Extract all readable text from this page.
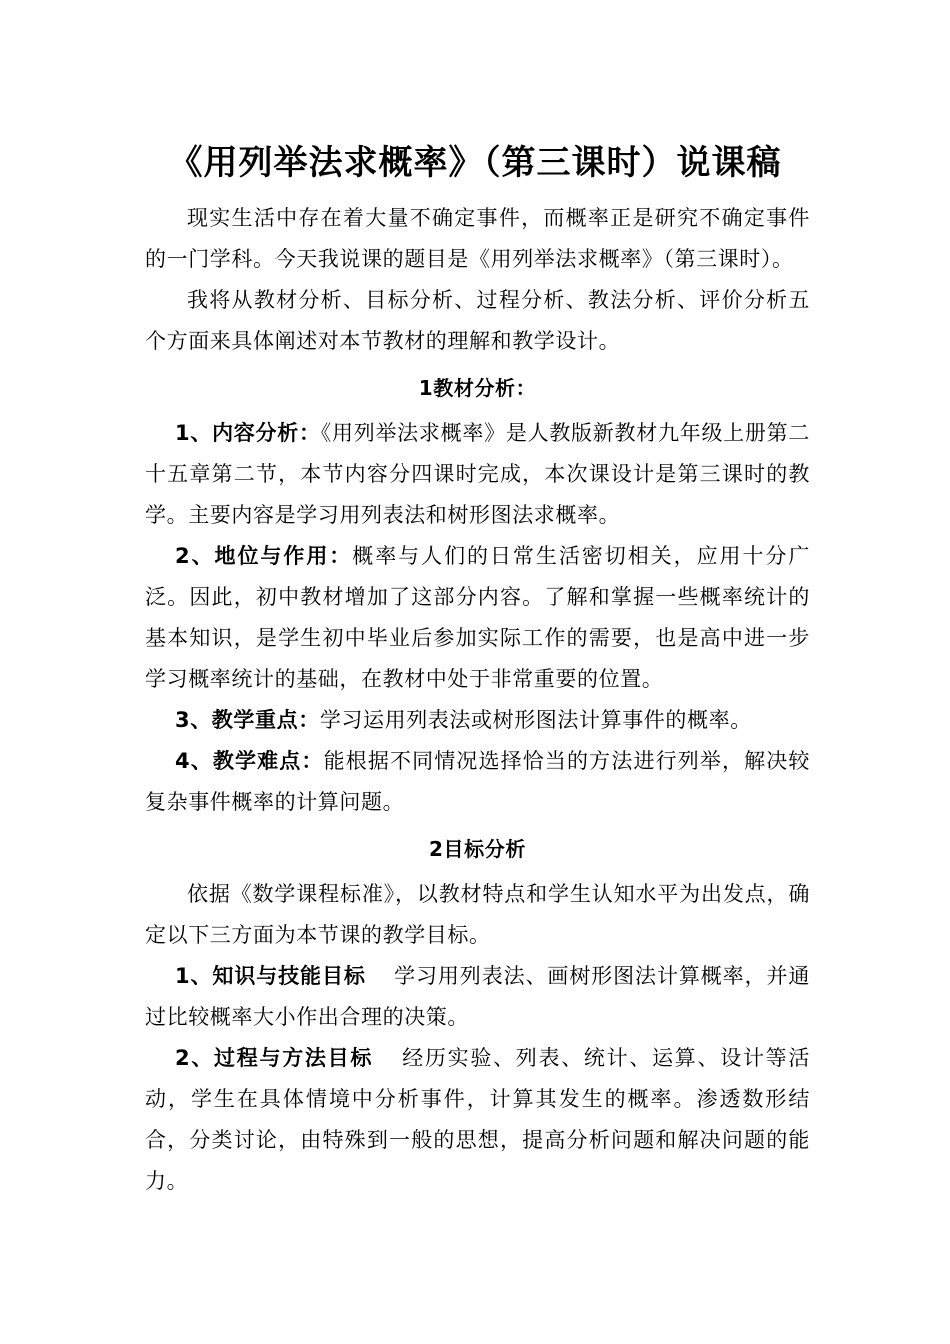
《用列举法求概率》（第三课时）说课稿

现实生活中存在着大量不确定事件，而概率正是研究不确定事件的一门学科。今天我说课的题目是《用列举法求概率》（第三课时）。

我将从教材分析、目标分析、过程分析、教法分析、评价分析五个方面来具体阐述对本节教材的理解和教学设计。

1教材分析：

1、内容分析：《用列举法求概率》是人教版新教材九年级上册第二十五章第二节，本节内容分四课时完成，本次课设计是第三课时的教学。主要内容是学习用列表法和树形图法求概率。

2、地位与作用：概率与人们的日常生活密切相关，应用十分广泛。因此，初中教材增加了这部分内容。了解和掌握一些概率统计的基本知识，是学生初中毕业后参加实际工作的需要，也是高中进一步学习概率统计的基础，在教材中处于非常重要的位置。

3、教学重点：学习运用列表法或树形图法计算事件的概率。

4、教学难点：能根据不同情况选择恰当的方法进行列举，解决较复杂事件概率的计算问题。

2目标分析

依据《数学课程标准》，以教材特点和学生认知水平为出发点，确定以下三方面为本节课的教学目标。

1、知识与技能目标 学习用列表法、画树形图法计算概率，并通过比较概率大小作出合理的决策。

2、过程与方法目标 经历实验、列表、统计、运算、设计等活动，学生在具体情境中分析事件，计算其发生的概率。渗透数形结合，分类讨论，由特殊到一般的思想，提高分析问题和解决问题的能力。
